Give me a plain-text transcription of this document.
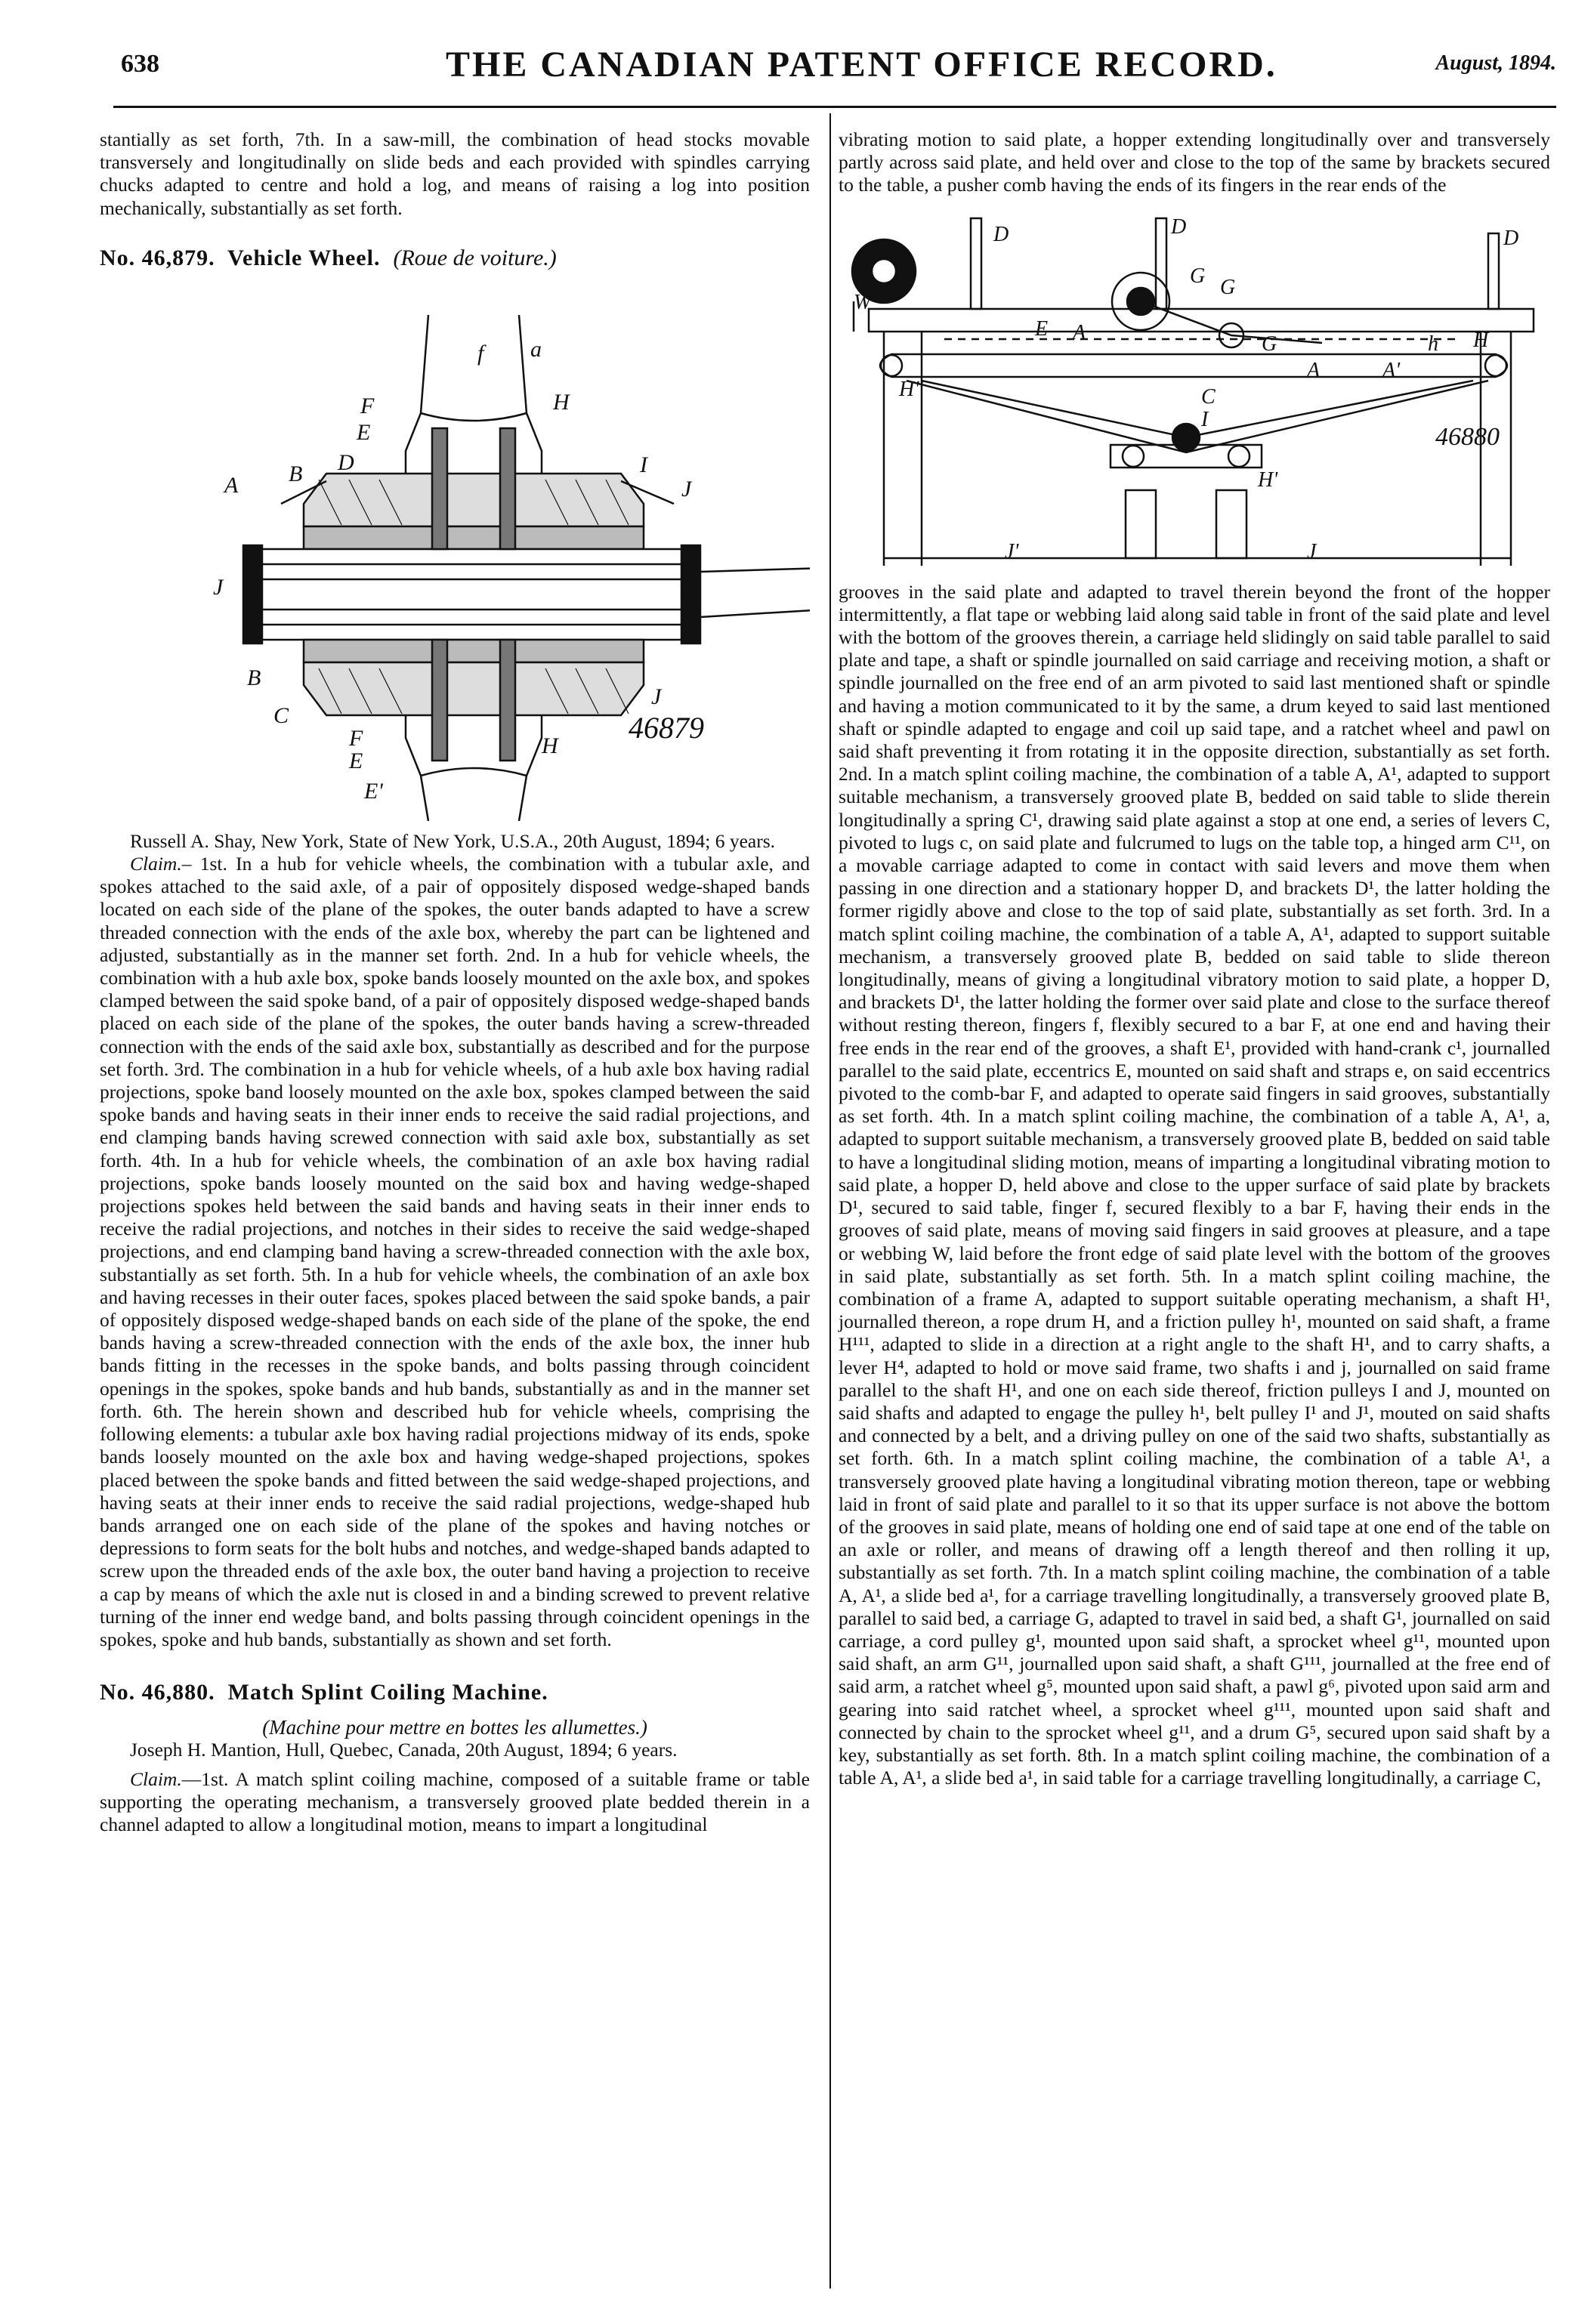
638	THE CANADIAN PATENT OFFICE RECORD.	August, 1894.

stantially as set forth, 7th. In a saw-mill, the combination of head stocks movable transversely and longitudinally on slide beds and each provided with spindles carrying chucks adapted to centre and hold a log, and means of raising a log into position mechanically, substantially as set forth.

No. 46,879. Vehicle Wheel. (Roue de voiture.)
f a
F
E
H
B D
A
I
J
J
B
C
F
E
H
J
E'
46879

Russell A. Shay, New York, State of New York, U.S.A., 20th August, 1894; 6 years.

Claim.– 1st. In a hub for vehicle wheels, the combination with a tubular axle, and spokes attached to the said axle, of a pair of oppositely disposed wedge-shaped bands located on each side of the plane of the spokes, the outer bands adapted to have a screw threaded connection with the ends of the axle box, whereby the part can be lightened and adjusted, substantially as in the manner set forth. 2nd. In a hub for vehicle wheels, the combination with a hub axle box, spoke bands loosely mounted on the axle box, and spokes clamped between the said spoke band, of a pair of oppositely disposed wedge-shaped bands placed on each side of the plane of the spokes, the outer bands having a screw-threaded connection with the ends of the said axle box, substantially as described and for the purpose set forth. 3rd. The combination in a hub for vehicle wheels, of a hub axle box having radial projections, spoke band loosely mounted on the axle box, spokes clamped between the said spoke bands and having seats in their inner ends to receive the said radial projections, and end clamping bands having screwed connection with said axle box, substantially as set forth. 4th. In a hub for vehicle wheels, the combination of an axle box having radial projections, spoke bands loosely mounted on the said box and having wedge-shaped projections spokes held between the said bands and having seats in their inner ends to receive the radial projections, and notches in their sides to receive the said wedge-shaped projections, and end clamping band having a screw-threaded connection with the axle box, substantially as set forth. 5th. In a hub for vehicle wheels, the combination of an axle box and having recesses in their outer faces, spokes placed between the said spoke bands, a pair of oppositely disposed wedge-shaped bands on each side of the plane of the spoke, the end bands having a screw-threaded connection with the ends of the axle box, the inner hub bands fitting in the recesses in the spoke bands, and bolts passing through coincident openings in the spokes, spoke bands and hub bands, substantially as and in the manner set forth. 6th. The herein shown and described hub for vehicle wheels, comprising the following elements: a tubular axle box having radial projections midway of its ends, spoke bands loosely mounted on the axle box and having wedge-shaped projections, spokes placed between the spoke bands and fitted between the said wedge-shaped projections, and having seats at their inner ends to receive the said radial projections, wedge-shaped hub bands arranged one on each side of the plane of the spokes and having notches or depressions to form seats for the bolt hubs and notches, and wedge-shaped bands adapted to screw upon the threaded ends of the axle box, the outer band having a projection to receive a cap by means of which the axle nut is closed in and a binding screwed to prevent relative turning of the inner end wedge band, and bolts passing through coincident openings in the spokes, spoke and hub bands, substantially as shown and set forth.

No. 46,880. Match Splint Coiling Machine.

(Machine pour mettre en bottes les allumettes.)

Joseph H. Mantion, Hull, Quebec, Canada, 20th August, 1894; 6 years.

Claim.—1st. A match splint coiling machine, composed of a suitable frame or table supporting the operating mechanism, a transversely grooved plate bedded therein in a channel adapted to allow a longitudinal motion, means to impart a longitudinal

vibrating motion to said plate, a hopper extending longitudinally over and transversely partly across said plate, and held over and close to the top of the same by brackets secured to the table, a pusher comb having the ends of its fingers in the rear ends of the

D
W
D
G G
D
E A	G	h H
A	A'
H"	C
H'
J'	J
I
46880

grooves in the said plate and adapted to travel therein beyond the front of the hopper intermittently, a flat tape or webbing laid along said table in front of the said plate and level with the bottom of the grooves therein, a carriage held slidingly on said table parallel to said plate and tape, a shaft or spindle journalled on said carriage and receiving motion, a shaft or spindle journalled on the free end of an arm pivoted to said last mentioned shaft or spindle and having a motion communicated to it by the same, a drum keyed to said last mentioned shaft or spindle adapted to engage and coil up said tape, and a ratchet wheel and pawl on said shaft preventing it from rotating it in the opposite direction, substantially as set forth. 2nd. In a match splint coiling machine, the combination of a table A, A¹, adapted to support suitable mechanism, a transversely grooved plate B, bedded on said table to slide therein longitudinally a spring C¹, drawing said plate against a stop at one end, a series of levers C, pivoted to lugs c, on said plate and fulcrumed to lugs on the table top, a hinged arm C¹¹, on a movable carriage adapted to come in contact with said levers and move them when passing in one direction and a stationary hopper D, and brackets D¹, the latter holding the former rigidly above and close to the top of said plate, substantially as set forth. 3rd. In a match splint coiling machine, the combination of a table A, A¹, adapted to support suitable mechanism, a transversely grooved plate B, bedded on said table to slide thereon longitudinally, means of giving a longitudinal vibratory motion to said plate, a hopper D, and brackets D¹, the latter holding the former over said plate and close to the surface thereof without resting thereon, fingers f, flexibly secured to a bar F, at one end and having their free ends in the rear end of the grooves, a shaft E¹, provided with hand-crank c¹, journalled parallel to the said plate, eccentrics E, mounted on said shaft and straps e, on said eccentrics pivoted to the comb-bar F, and adapted to operate said fingers in said grooves, substantially as set forth. 4th. In a match splint coiling machine, the combination of a table A, A¹, a, adapted to support suitable mechanism, a transversely grooved plate B, bedded on said table to have a longitudinal sliding motion, means of imparting a longitudinal vibrating motion to said plate, a hopper D, held above and close to the upper surface of said plate by brackets D¹, secured to said table, finger f, secured flexibly to a bar F, having their ends in the grooves of said plate, means of moving said fingers in said grooves at pleasure, and a tape or webbing W, laid before the front edge of said plate level with the bottom of the grooves in said plate, substantially as set forth. 5th. In a match splint coiling machine, the combination of a frame A, adapted to support suitable operating mechanism, a shaft H¹, journalled thereon, a rope drum H, and a friction pulley h¹, mounted on said shaft, a frame H¹¹¹, adapted to slide in a direction at a right angle to the shaft H¹, and to carry shafts, a lever H⁴, adapted to hold or move said frame, two shafts i and j, journalled on said frame parallel to the shaft H¹, and one on each side thereof, friction pulleys I and J, mounted on said shafts and adapted to engage the pulley h¹, belt pulley I¹ and J¹, mouted on said shafts and connected by a belt, and a driving pulley on one of the said two shafts, substantially as set forth. 6th. In a match splint coiling machine, the combination of a table A¹, a transversely grooved plate having a longitudinal vibrating motion thereon, tape or webbing laid in front of said plate and parallel to it so that its upper surface is not above the bottom of the grooves in said plate, means of holding one end of said tape at one end of the table on an axle or roller, and means of drawing off a length thereof and then rolling it up, substantially as set forth. 7th. In a match splint coiling machine, the combination of a table A, A¹, a slide bed a¹, for a carriage travelling longitudinally, a transversely grooved plate B, parallel to said bed, a carriage G, adapted to travel in said bed, a shaft G¹, journalled on said carriage, a cord pulley g¹, mounted upon said shaft, a sprocket wheel g¹¹, mounted upon said shaft, an arm G¹¹, journalled upon said shaft, a shaft G¹¹¹, journalled at the free end of said arm, a ratchet wheel g⁵, mounted upon said shaft, a pawl g⁶, pivoted upon said arm and gearing into said ratchet wheel, a sprocket wheel g¹¹¹, mounted upon said shaft and connected by chain to the sprocket wheel g¹¹, and a drum G⁵, secured upon said shaft by a key, substantially as set forth. 8th. In a match splint coiling machine, the combination of a table A, A¹, a slide bed a¹, in said table for a carriage travelling longitudinally, a carriage C,
